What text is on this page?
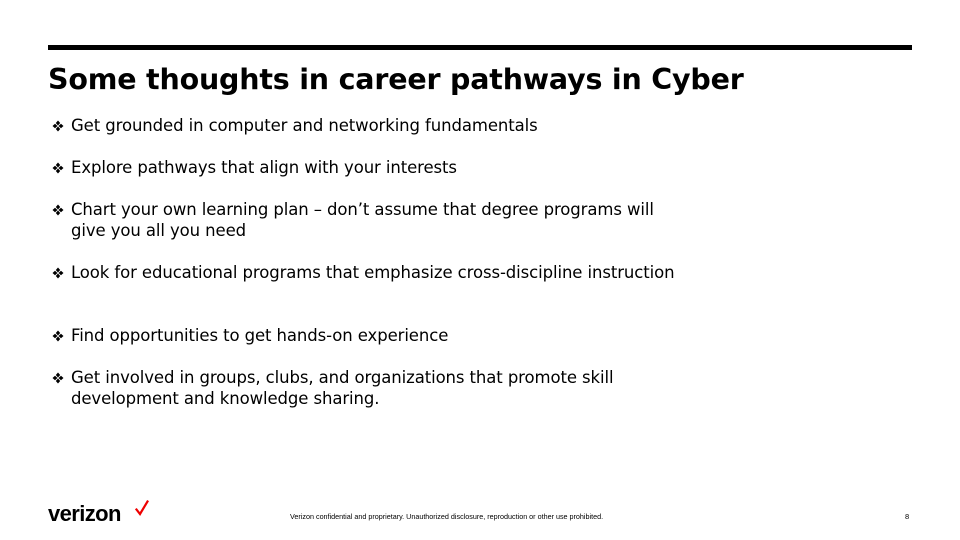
Some thoughts in career pathways in Cyber
Get grounded in computer and networking fundamentals
Explore pathways that align with your interests
Chart your own learning plan – don’t assume that degree programs will give you all you need
Look for educational programs that emphasize cross-discipline instruction
Find opportunities to get hands-on experience
Get involved in groups, clubs, and organizations that promote skill development and knowledge sharing.
verizon	Verizon confidential and proprietary. Unauthorized disclosure, reproduction or other use prohibited.	8
